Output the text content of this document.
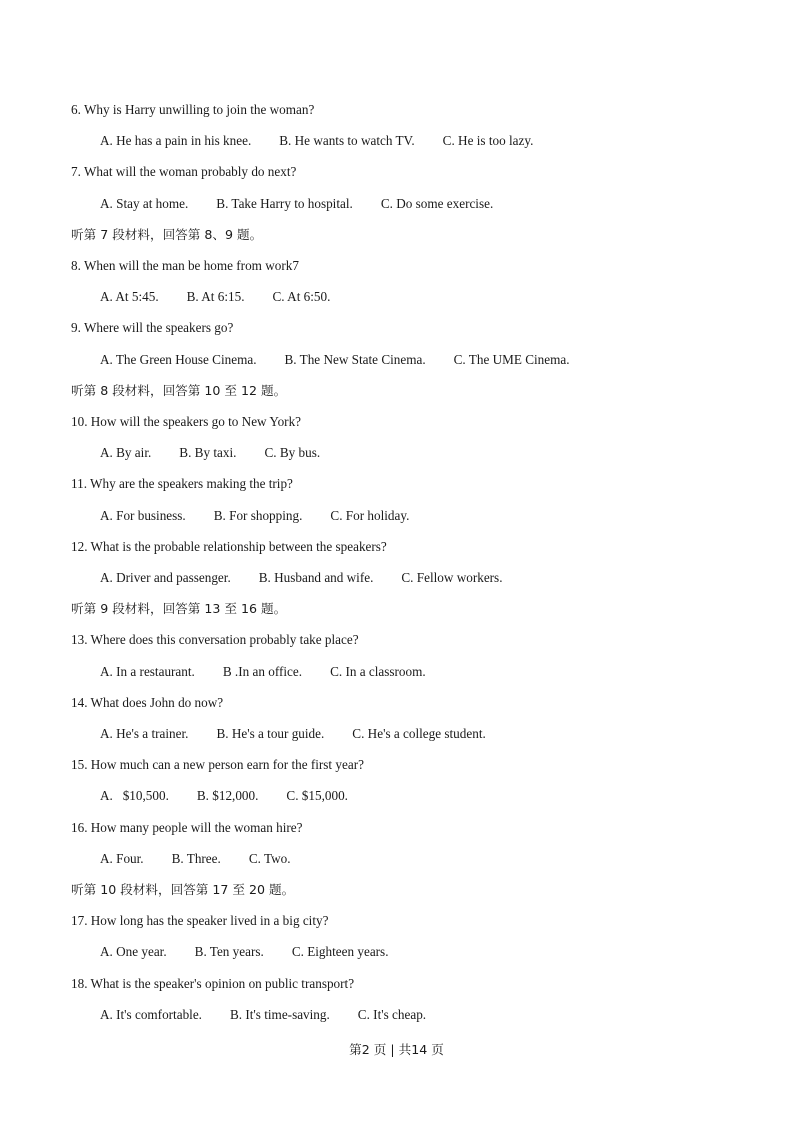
6. Why is Harry unwilling to join the woman?
A. He has a pain in his knee. B. He wants to watch TV. C. He is too lazy.
7. What will the woman probably do next?
A. Stay at home. B. Take Harry to hospital. C. Do some exercise.
听第 7 段材料，回答第 8、9 题。
8. When will the man be home from work7
A. At 5:45. B. At 6:15. C. At 6:50.
9. Where will the speakers go?
A. The Green House Cinema. B. The New State Cinema. C. The UME Cinema.
听第 8 段材料，回答第 10 至 12 题。
10. How will the speakers go to New York?
A. By air. B. By taxi. C. By bus.
11. Why are the speakers making the trip?
A. For business. B. For shopping. C. For holiday.
12. What is the probable relationship between the speakers?
A. Driver and passenger. B. Husband and wife. C. Fellow workers.
听第 9 段材料，回答第 13 至 16 题。
13. Where does this conversation probably take place?
A. In a restaurant. B .In an office. C. In a classroom.
14. What does John do now?
A. He's a trainer. B. He's a tour guide. C. He's a college student.
15. How much can a new person earn for the first year?
A.   $10,500. B. $12,000. C. $15,000.
16. How many people will the woman hire?
A. Four. B. Three. C. Two.
听第 10 段材料，回答第 17 至 20 题。
17. How long has the speaker lived in a big city?
A. One year. B. Ten years. C. Eighteen years.
18. What is the speaker's opinion on public transport?
A. It's comfortable. B. It's time-saving. C. It's cheap.
第2 页 | 共14 页
